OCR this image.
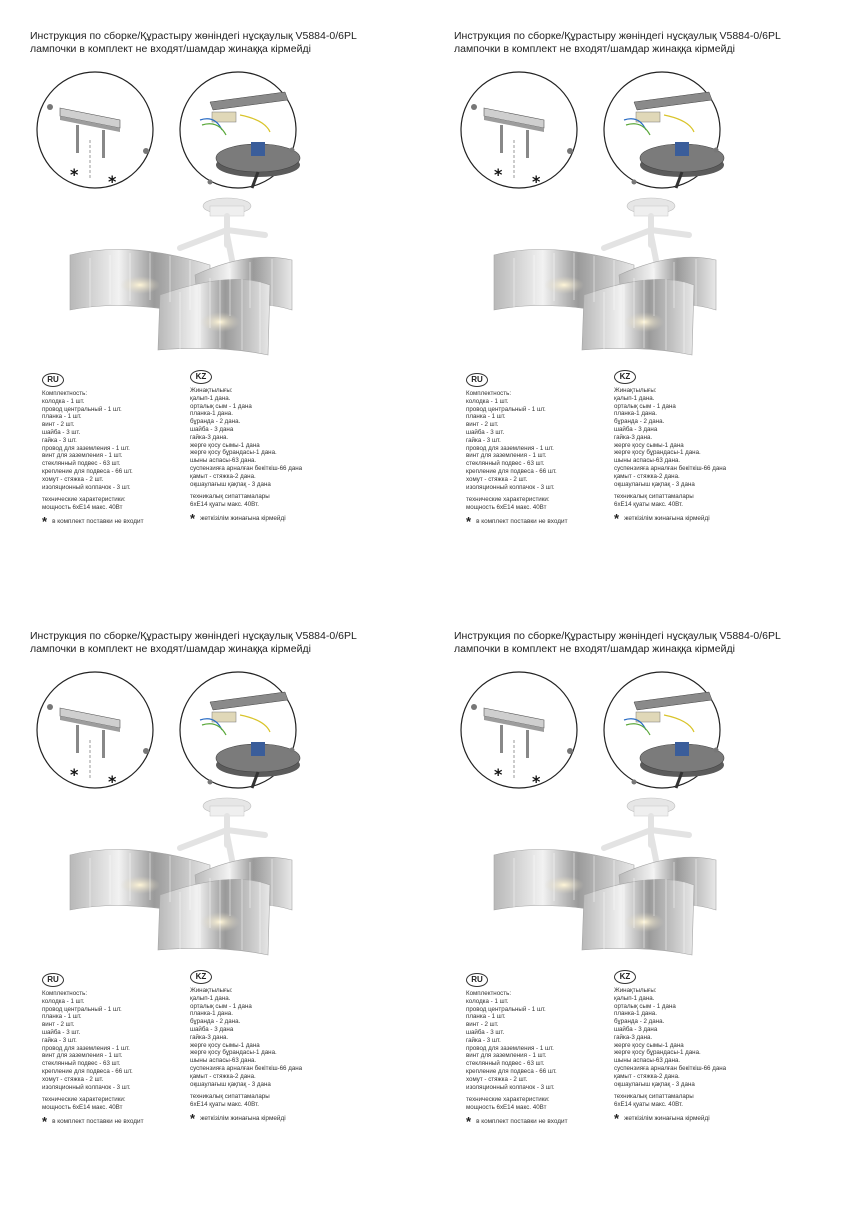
Инструкция по сборке/Құрастыру жөніндегі нұсқаулық V5884-0/6PL
лампочки в комплект не входят/шамдар жинаққа кірмейді
* *
RU
Комплектность:
колодка - 1 шт.
провод центральный - 1 шт.
планка - 1 шт.
винт - 2 шт.
шайба - 3 шт.
гайка - 3 шт.
провод для заземления - 1 шт.
винт для заземления - 1 шт.
стеклянный подвес - 63 шт.
крепление для подвеса - 66 шт.
хомут - стяжка - 2 шт.
изоляционный колпачок - 3 шт.
технические характеристики:
мощность 6хЕ14 макс. 40Вт
* в комплект поставки не входит
KZ
Жинақтылығы:
қалып-1 дана.
орталық сым - 1 дана
планка-1 дана.
бұранда - 2 дана.
шайба - 3 дана
гайка-3 дана.
жерге қосу сымы-1 дана
жерге қосу бұрандасы-1 дана.
шыны аспасы-63 дана.
суспензияға арналған бекіткіш-66 дана
қамыт - стяжка-2 дана.
оқшаулағыш қақпақ - 3 дана
техникалық сипаттамалары
6хЕ14 қуаты макс. 40Вт.
* жеткізілім жинағына кірмейді
Инструкция по сборке/Құрастыру жөніндегі нұсқаулық V5884-0/6PL
лампочки в комплект не входят/шамдар жинаққа кірмейді
* *
RU
Комплектность:
колодка - 1 шт.
провод центральный - 1 шт.
планка - 1 шт.
винт - 2 шт.
шайба - 3 шт.
гайка - 3 шт.
провод для заземления - 1 шт.
винт для заземления - 1 шт.
стеклянный подвес - 63 шт.
крепление для подвеса - 66 шт.
хомут - стяжка - 2 шт.
изоляционный колпачок - 3 шт.
технические характеристики:
мощность 6хЕ14 макс. 40Вт
* в комплект поставки не входит
KZ
Жинақтылығы:
қалып-1 дана.
орталық сым - 1 дана
планка-1 дана.
бұранда - 2 дана.
шайба - 3 дана
гайка-3 дана.
жерге қосу сымы-1 дана
жерге қосу бұрандасы-1 дана.
шыны аспасы-63 дана.
суспензияға арналған бекіткіш-66 дана
қамыт - стяжка-2 дана.
оқшаулағыш қақпақ - 3 дана
техникалық сипаттамалары
6хЕ14 қуаты макс. 40Вт.
* жеткізілім жинағына кірмейді
Инструкция по сборке/Құрастыру жөніндегі нұсқаулық V5884-0/6PL
лампочки в комплект не входят/шамдар жинаққа кірмейді
* *
RU
Комплектность:
колодка - 1 шт.
провод центральный - 1 шт.
планка - 1 шт.
винт - 2 шт.
шайба - 3 шт.
гайка - 3 шт.
провод для заземления - 1 шт.
винт для заземления - 1 шт.
стеклянный подвес - 63 шт.
крепление для подвеса - 66 шт.
хомут - стяжка - 2 шт.
изоляционный колпачок - 3 шт.
технические характеристики:
мощность 6хЕ14 макс. 40Вт
* в комплект поставки не входит
KZ
Жинақтылығы:
қалып-1 дана.
орталық сым - 1 дана
планка-1 дана.
бұранда - 2 дана.
шайба - 3 дана
гайка-3 дана.
жерге қосу сымы-1 дана
жерге қосу бұрандасы-1 дана.
шыны аспасы-63 дана.
суспензияға арналған бекіткіш-66 дана
қамыт - стяжка-2 дана.
оқшаулағыш қақпақ - 3 дана
техникалық сипаттамалары
6хЕ14 қуаты макс. 40Вт.
* жеткізілім жинағына кірмейді
Инструкция по сборке/Құрастыру жөніндегі нұсқаулық V5884-0/6PL
лампочки в комплект не входят/шамдар жинаққа кірмейді
* *
RU
Комплектность:
колодка - 1 шт.
провод центральный - 1 шт.
планка - 1 шт.
винт - 2 шт.
шайба - 3 шт.
гайка - 3 шт.
провод для заземления - 1 шт.
винт для заземления - 1 шт.
стеклянный подвес - 63 шт.
крепление для подвеса - 66 шт.
хомут - стяжка - 2 шт.
изоляционный колпачок - 3 шт.
технические характеристики:
мощность 6хЕ14 макс. 40Вт
* в комплект поставки не входит
KZ
Жинақтылығы:
қалып-1 дана.
орталық сым - 1 дана
планка-1 дана.
бұранда - 2 дана.
шайба - 3 дана
гайка-3 дана.
жерге қосу сымы-1 дана
жерге қосу бұрандасы-1 дана.
шыны аспасы-63 дана.
суспензияға арналған бекіткіш-66 дана
қамыт - стяжка-2 дана.
оқшаулағыш қақпақ - 3 дана
техникалық сипаттамалары
6хЕ14 қуаты макс. 40Вт.
* жеткізілім жинағына кірмейді
